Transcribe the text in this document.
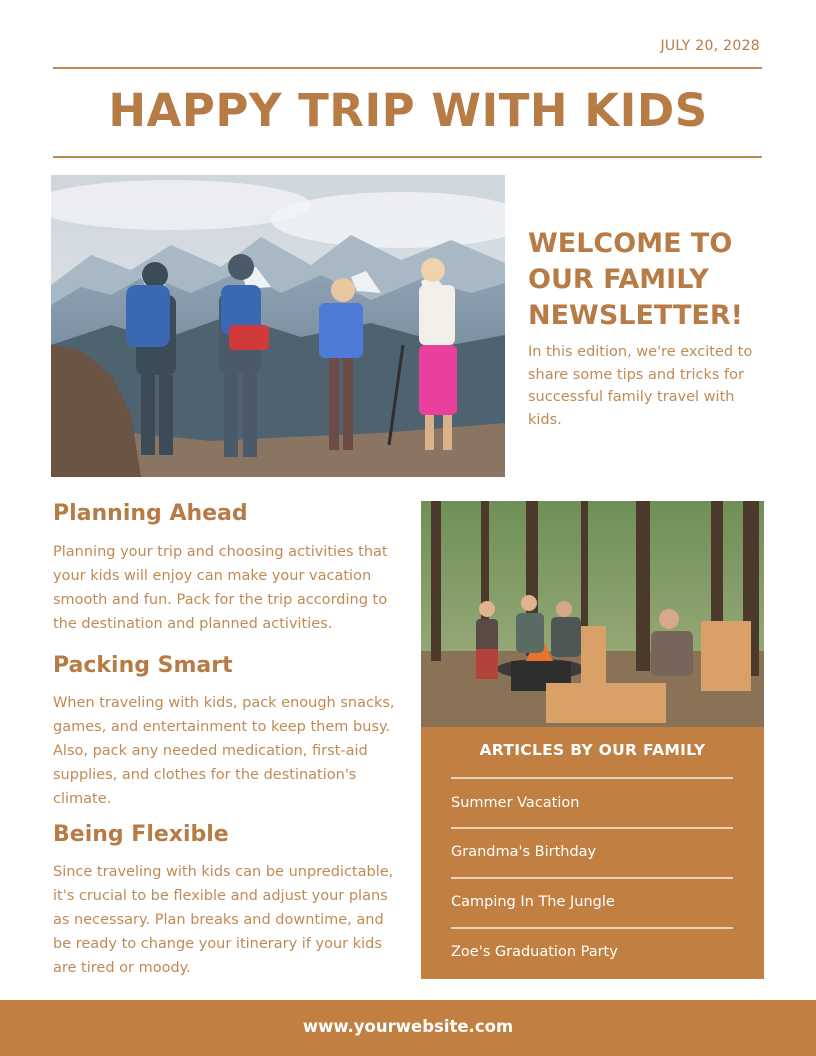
JULY 20, 2028
HAPPY TRIP WITH KIDS
WELCOME TO
OUR FAMILY
NEWSLETTER!

In this edition, we're excited to share some tips and tricks for successful family travel with kids.

Planning Ahead

Planning your trip and choosing activities that your kids will enjoy can make your vacation smooth and fun. Pack for the trip according to the destination and planned activities.

Packing Smart

When traveling with kids, pack enough snacks, games, and entertainment to keep them busy. Also, pack any needed medication, first-aid supplies, and clothes for the destination's climate.

Being Flexible

Since traveling with kids can be unpredictable, it's crucial to be flexible and adjust your plans as necessary. Plan breaks and downtime, and be ready to change your itinerary if your kids are tired or moody.

ARTICLES BY OUR FAMILY
Summer Vacation
Grandma's Birthday
Camping In The Jungle
Zoe's Graduation Party
www.yourwebsite.com
